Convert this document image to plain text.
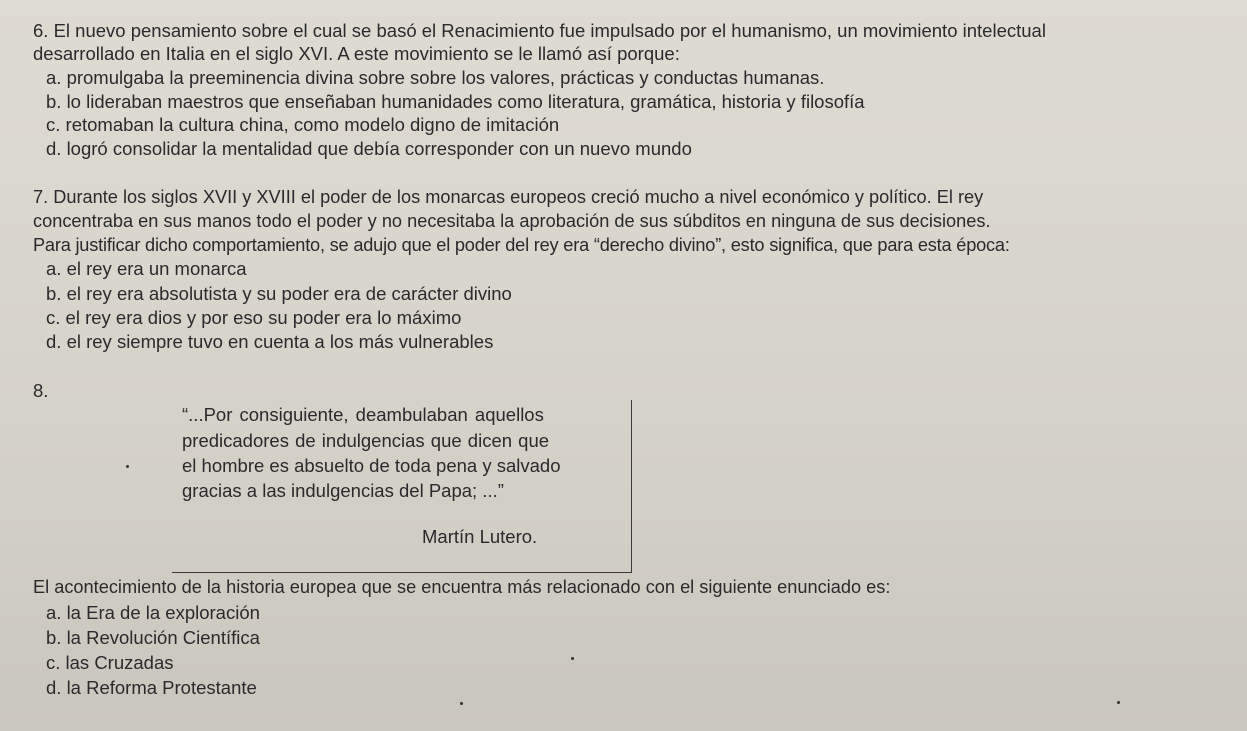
6. El nuevo pensamiento sobre el cual se basó el Renacimiento fue impulsado por el humanismo, un movimiento intelectual
desarrollado en Italia en el siglo XVI. A este movimiento se le llamó así porque:
a. promulgaba la preeminencia divina sobre sobre los valores, prácticas y conductas humanas.
b. lo lideraban maestros que enseñaban humanidades como literatura, gramática, historia y filosofía
c. retomaban la cultura china, como modelo digno de imitación
d. logró consolidar la mentalidad que debía corresponder con un nuevo mundo
7. Durante los siglos XVII y XVIII el poder de los monarcas europeos creció mucho a nivel económico y político. El rey
concentraba en sus manos todo el poder y no necesitaba la aprobación de sus súbditos en ninguna de sus decisiones.
Para justificar dicho comportamiento, se adujo que el poder del rey era “derecho divino”, esto significa, que para esta época:
a. el rey era un monarca
b. el rey era absolutista y su poder era de carácter divino
c. el rey era dios y por eso su poder era lo máximo
d. el rey siempre tuvo en cuenta a los más vulnerables
8.
“...Por consiguiente, deambulaban aquellos
predicadores de indulgencias que dicen que
el hombre es absuelto de toda pena y salvado
gracias a las indulgencias del Papa; ...”
Martín Lutero.
El acontecimiento de la historia europea que se encuentra más relacionado con el siguiente enunciado es:
a. la Era de la exploración
b. la Revolución Científica
c. las Cruzadas
d. la Reforma Protestante
